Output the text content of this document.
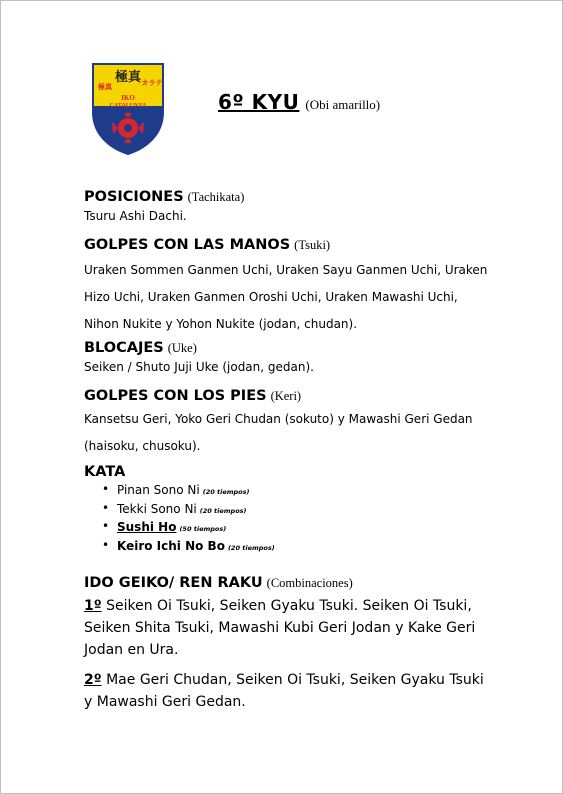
極真
極真	カラテ
IKO
CATALUNYA	6º KYU (Obi amarillo)
POSICIONES (Tachikata)
Tsuru Ashi Dachi.
GOLPES CON LAS MANOS (Tsuki)
Uraken Sommen Ganmen Uchi, Uraken Sayu Ganmen Uchi, Uraken
Hizo Uchi, Uraken Ganmen Oroshi Uchi, Uraken Mawashi Uchi,
Nihon Nukite y Yohon Nukite (jodan, chudan).
BLOCAJES (Uke)
Seiken / Shuto Juji Uke (jodan, gedan).
GOLPES CON LOS PIES (Keri)
Kansetsu Geri, Yoko Geri Chudan (sokuto) y Mawashi Geri Gedan
(haisoku, chusoku).
KATA
• Pinan Sono Ni (20 tiempos)
• Tekki Sono Ni (20 tiempos)
• Sushi Ho (50 tiempos)
• Keiro Ichi No Bo (20 tiempos)
IDO GEIKO/ REN RAKU (Combinaciones)
1º Seiken Oi Tsuki, Seiken Gyaku Tsuki. Seiken Oi Tsuki,
Seiken Shita Tsuki, Mawashi Kubi Geri Jodan y Kake Geri
Jodan en Ura.
2º Mae Geri Chudan, Seiken Oi Tsuki, Seiken Gyaku Tsuki
y Mawashi Geri Gedan.
